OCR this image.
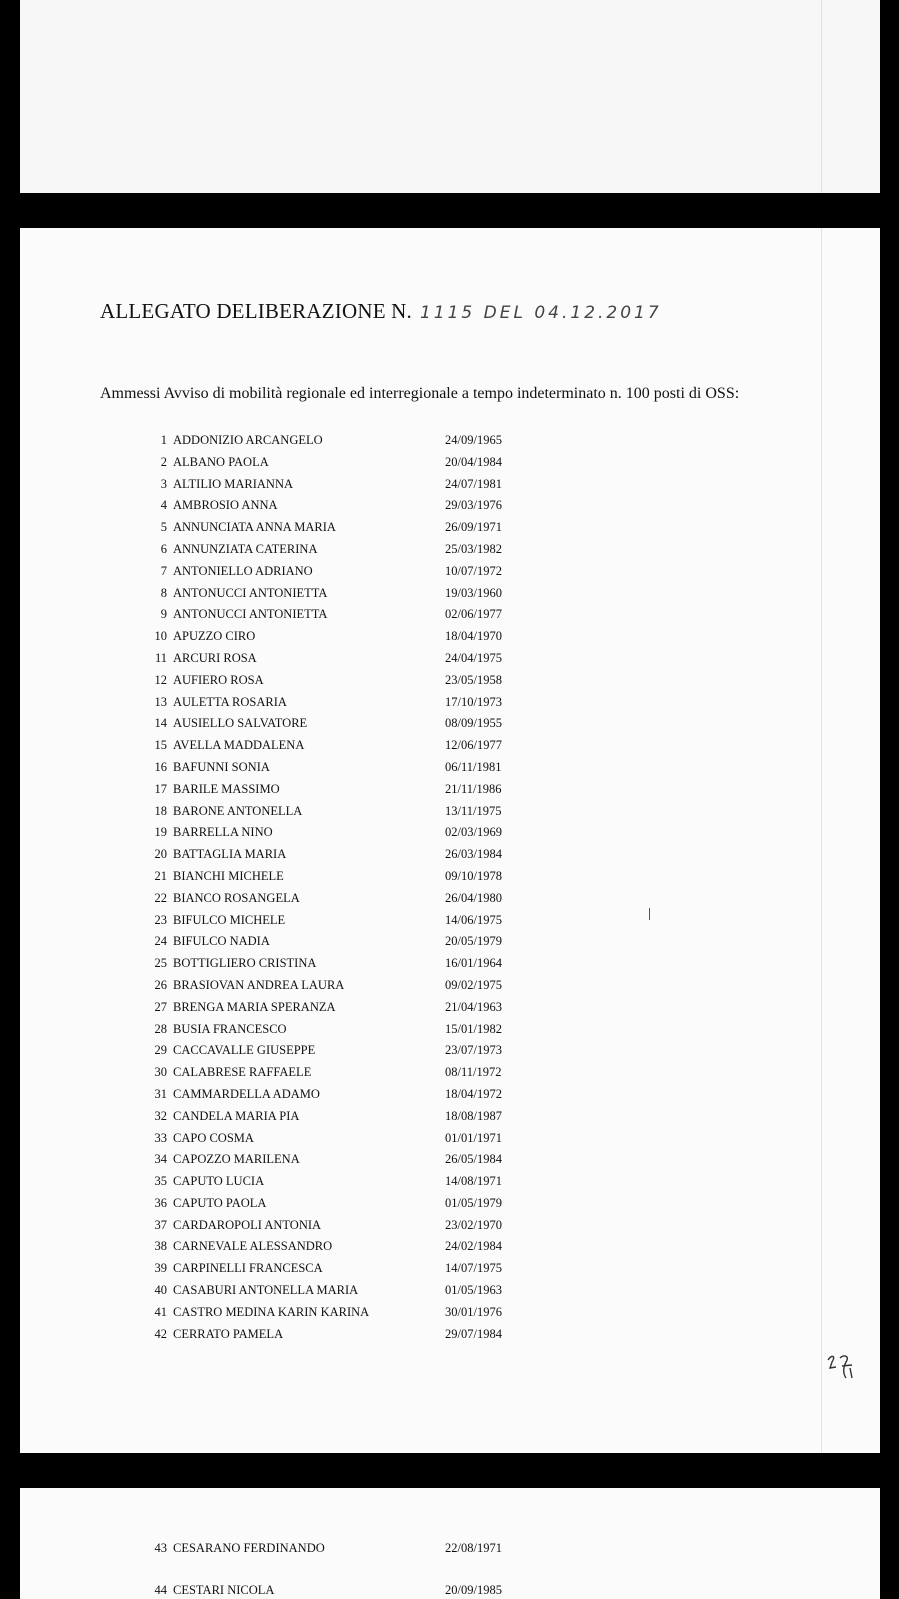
ALLEGATO DELIBERAZIONE N. 1115 DEL 04.12.2017
Ammessi Avviso di mobilità regionale ed interregionale a tempo indeterminato n. 100 posti di OSS:
1 ADDONIZIO ARCANGELO	24/09/1965
2 ALBANO PAOLA	20/04/1984
3 ALTILIO MARIANNA	24/07/1981
4 AMBROSIO ANNA	29/03/1976
5 ANNUNCIATA ANNA MARIA	26/09/1971
6 ANNUNZIATA CATERINA	25/03/1982
7 ANTONIELLO ADRIANO	10/07/1972
8 ANTONUCCI ANTONIETTA	19/03/1960
9 ANTONUCCI ANTONIETTA	02/06/1977
10 APUZZO CIRO	18/04/1970
11 ARCURI ROSA	24/04/1975
12 AUFIERO ROSA	23/05/1958
13 AULETTA ROSARIA	17/10/1973
14 AUSIELLO SALVATORE	08/09/1955
15 AVELLA MADDALENA	12/06/1977
16 BAFUNNI SONIA	06/11/1981
17 BARILE MASSIMO	21/11/1986
18 BARONE ANTONELLA	13/11/1975
19 BARRELLA NINO	02/03/1969
20 BATTAGLIA MARIA	26/03/1984
21 BIANCHI MICHELE	09/10/1978
22 BIANCO ROSANGELA	26/04/1980
23 BIFULCO MICHELE	14/06/1975
24 BIFULCO NADIA	20/05/1979
25 BOTTIGLIERO CRISTINA	16/01/1964
26 BRASIOVAN ANDREA LAURA	09/02/1975
27 BRENGA MARIA SPERANZA	21/04/1963
28 BUSIA FRANCESCO	15/01/1982
29 CACCAVALLE GIUSEPPE	23/07/1973
30 CALABRESE RAFFAELE	08/11/1972
31 CAMMARDELLA ADAMO	18/04/1972
32 CANDELA MARIA PIA	18/08/1987
33 CAPO COSMA	01/01/1971
34 CAPOZZO MARILENA	26/05/1984
35 CAPUTO LUCIA	14/08/1971
36 CAPUTO PAOLA	01/05/1979
37 CARDAROPOLI ANTONIA	23/02/1970
38 CARNEVALE ALESSANDRO	24/02/1984
39 CARPINELLI FRANCESCA	14/07/1975
40 CASABURI ANTONELLA MARIA	01/05/1963
41 CASTRO MEDINA KARIN KARINA	30/01/1976
42 CERRATO PAMELA	29/07/1984
43 CESARANO FERDINANDO	22/08/1971
44 CESTARI NICOLA	20/09/1985
